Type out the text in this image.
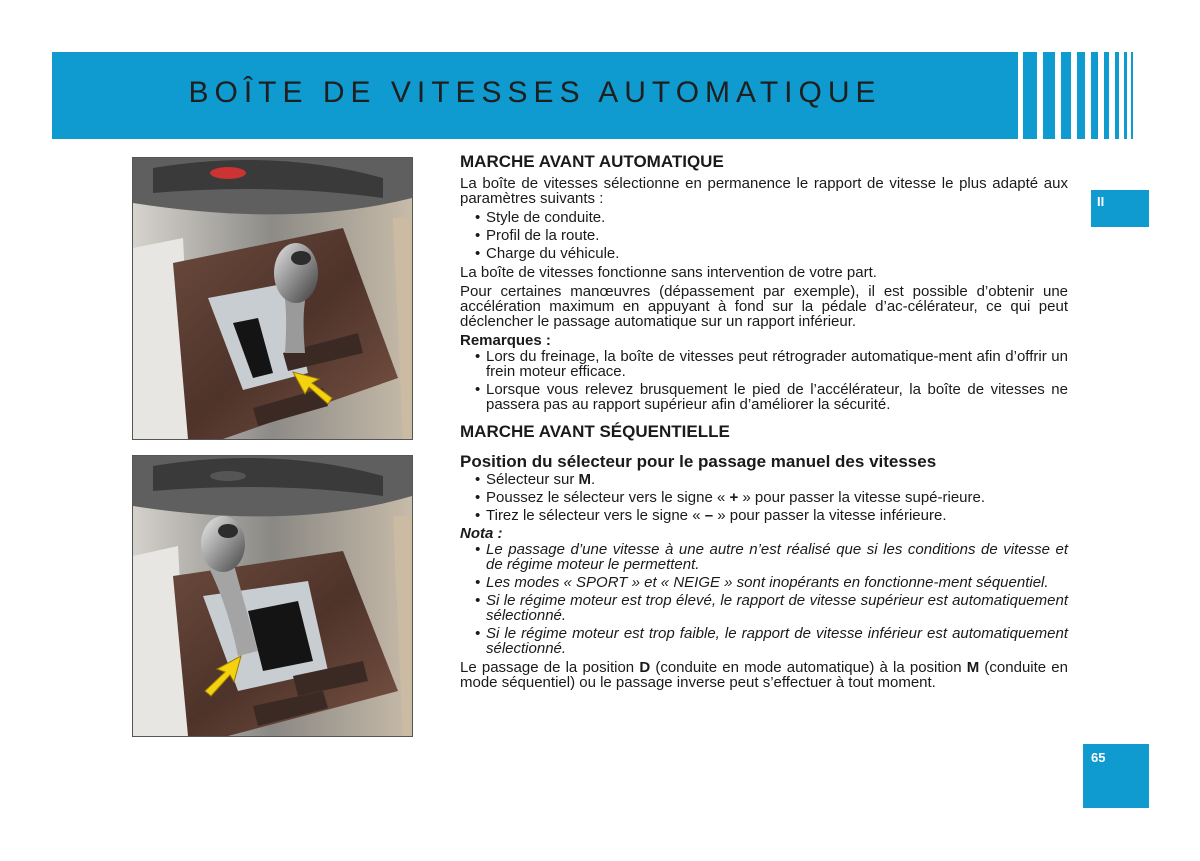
BOÎTE DE VITESSES AUTOMATIQUE
II
65
MARCHE AVANT AUTOMATIQUE

La boîte de vitesses sélectionne en permanence le rapport de vitesse le plus adapté aux paramètres suivants :

• Style de conduite.
• Profil de la route.
• Charge du véhicule.

La boîte de vitesses fonctionne sans intervention de votre part.

Pour certaines manœuvres (dépassement par exemple), il est possible d’obtenir une accélération maximum en appuyant à fond sur la pédale d’ac-célérateur, ce qui peut déclencher le passage automatique sur un rapport inférieur.

Remarques :
• Lors du freinage, la boîte de vitesses peut rétrograder automatique-ment afin d’offrir un frein moteur efficace.
• Lorsque vous relevez brusquement le pied de l’accélérateur, la boîte de vitesses ne passera pas au rapport supérieur afin d’améliorer la sécurité.
MARCHE AVANT SÉQUENTIELLE
Position du sélecteur pour le passage manuel des vitesses
• Sélecteur sur M.
• Poussez le sélecteur vers le signe « + » pour passer la vitesse supé-rieure.
• Tirez le sélecteur vers le signe « – » pour passer la vitesse inférieure.
Nota :
• Le passage d’une vitesse à une autre n’est réalisé que si les conditions de vitesse et de régime moteur le permettent.
• Les modes « SPORT » et « NEIGE » sont inopérants en fonctionne-ment séquentiel.
• Si le régime moteur est trop élevé, le rapport de vitesse supérieur est automatiquement sélectionné.
• Si le régime moteur est trop faible, le rapport de vitesse inférieur est automatiquement sélectionné.

Le passage de la position D (conduite en mode automatique) à la position M (conduite en mode séquentiel) ou le passage inverse peut s’effectuer à tout moment.
